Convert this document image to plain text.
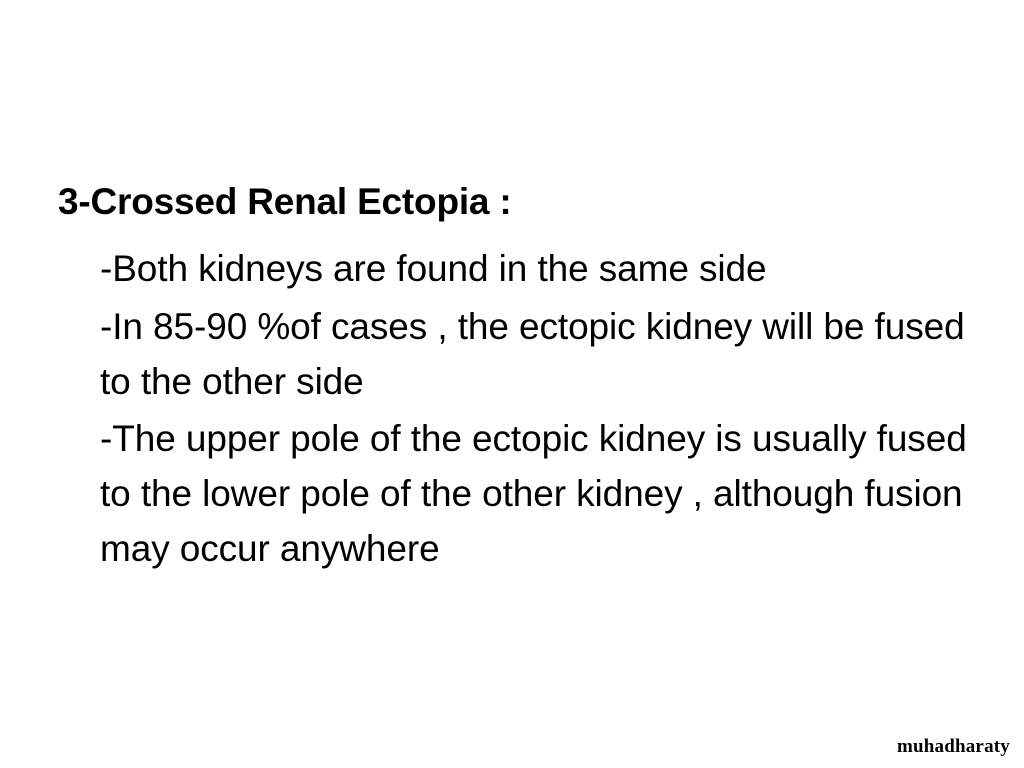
3-Crossed Renal Ectopia :

-Both kidneys are found in the same side

-In 85-90 %of cases , the ectopic kidney will be fused to the other side

-The upper pole of the ectopic kidney is usually fused to the lower pole of the other kidney , although fusion may occur anywhere

muhadharaty
